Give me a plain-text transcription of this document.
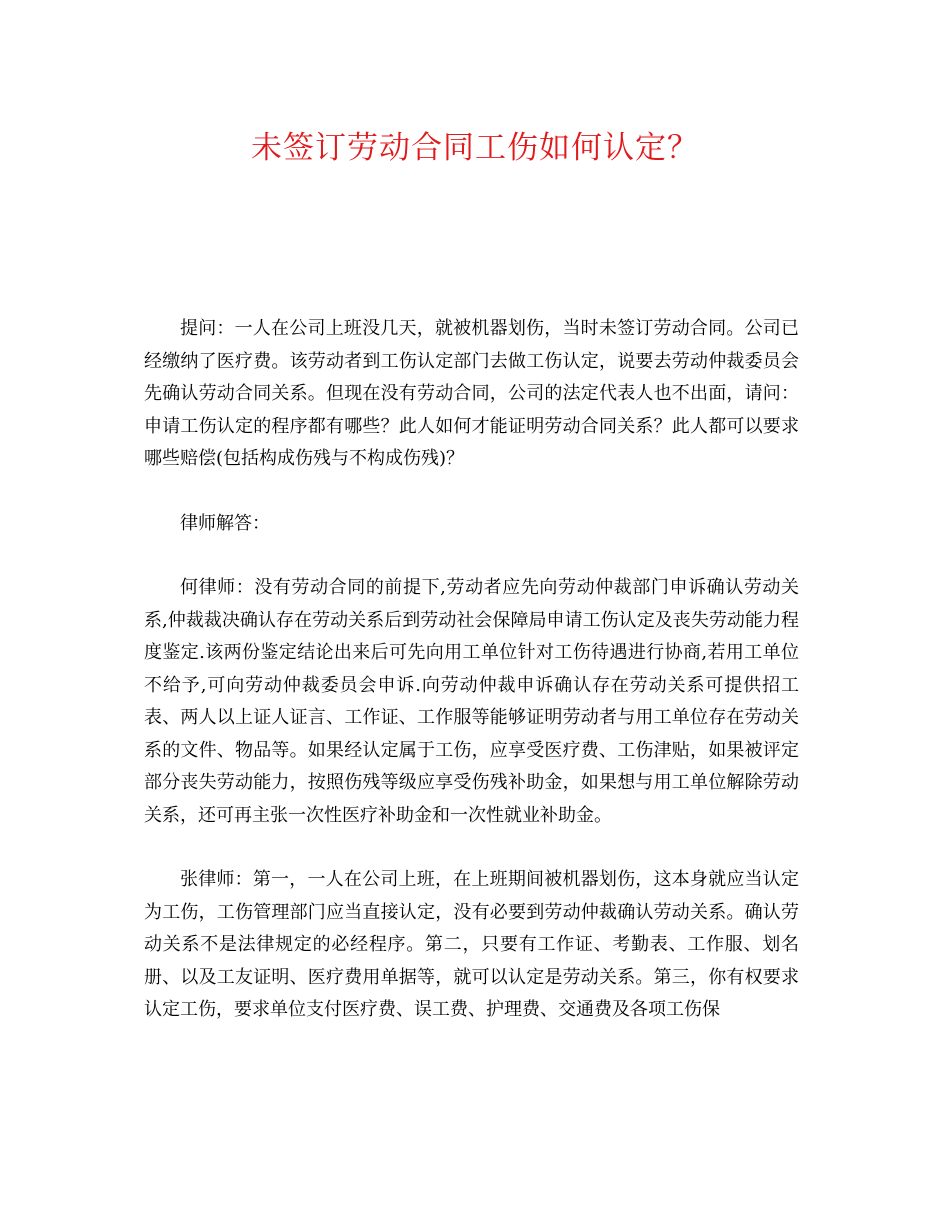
未签订劳动合同工伤如何认定？

提问：一人在公司上班没几天，就被机器划伤，当时未签订劳动合同。公司已经缴纳了医疗费。该劳动者到工伤认定部门去做工伤认定，说要去劳动仲裁委员会先确认劳动合同关系。但现在没有劳动合同，公司的法定代表人也不出面，请问：申请工伤认定的程序都有哪些？此人如何才能证明劳动合同关系？此人都可以要求哪些赔偿(包括构成伤残与不构成伤残)？

律师解答：

何律师：没有劳动合同的前提下,劳动者应先向劳动仲裁部门申诉确认劳动关系,仲裁裁决确认存在劳动关系后到劳动社会保障局申请工伤认定及丧失劳动能力程度鉴定.该两份鉴定结论出来后可先向用工单位针对工伤待遇进行协商,若用工单位不给予,可向劳动仲裁委员会申诉.向劳动仲裁申诉确认存在劳动关系可提供招工表、两人以上证人证言、工作证、工作服等能够证明劳动者与用工单位存在劳动关系的文件、物品等。如果经认定属于工伤，应享受医疗费、工伤津贴，如果被评定部分丧失劳动能力，按照伤残等级应享受伤残补助金，如果想与用工单位解除劳动关系，还可再主张一次性医疗补助金和一次性就业补助金。

张律师：第一，一人在公司上班，在上班期间被机器划伤，这本身就应当认定为工伤，工伤管理部门应当直接认定，没有必要到劳动仲裁确认劳动关系。确认劳动关系不是法律规定的必经程序。第二，只要有工作证、考勤表、工作服、划名册、以及工友证明、医疗费用单据等，就可以认定是劳动关系。第三，你有权要求认定工伤，要求单位支付医疗费、误工费、护理费、交通费及各项工伤保
